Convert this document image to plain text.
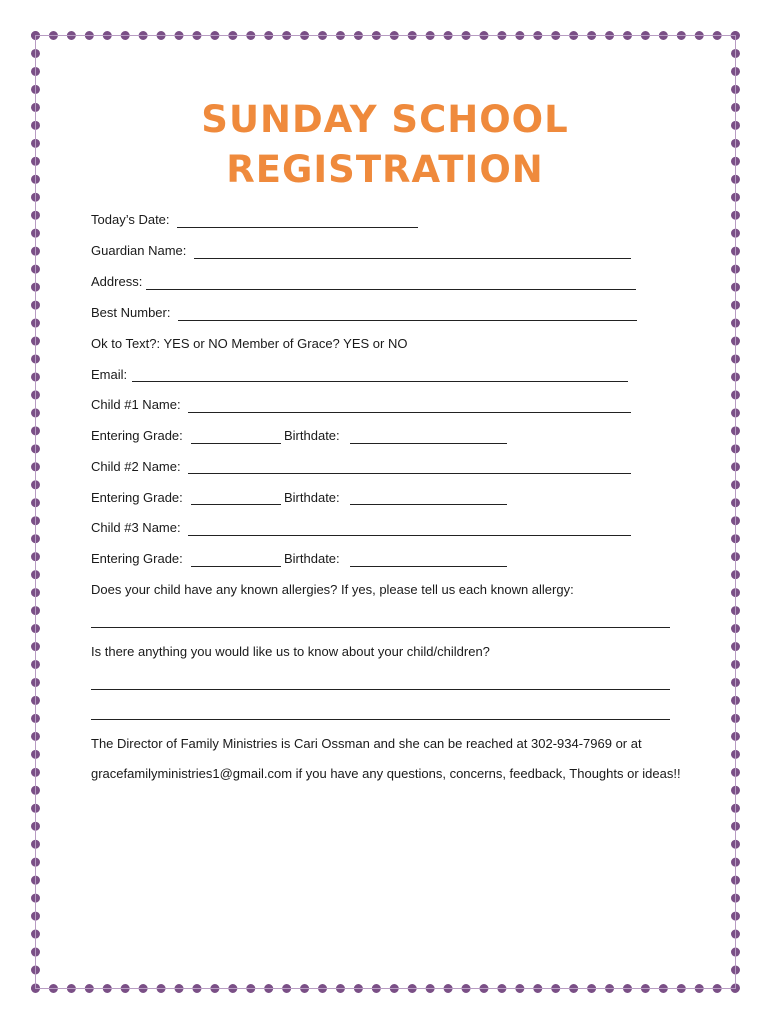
SUNDAY SCHOOL
REGISTRATION
Today’s Date:
Guardian Name:
Address:
Best Number:
Ok to Text?: YES or NO Member of Grace? YES or NO
Email:
Child #1 Name:
Entering Grade:	Birthdate:
Child #2 Name:
Entering Grade:	Birthdate:
Child #3 Name:
Entering Grade:	Birthdate:
Does your child have any known allergies? If yes, please tell us each known allergy:
Is there anything you would like us to know about your child/children?
The Director of Family Ministries is Cari Ossman and she can be reached at 302-934-7969 or at gracefamilyministries1@gmail.com if you have any questions, concerns, feedback, Thoughts or ideas!!
